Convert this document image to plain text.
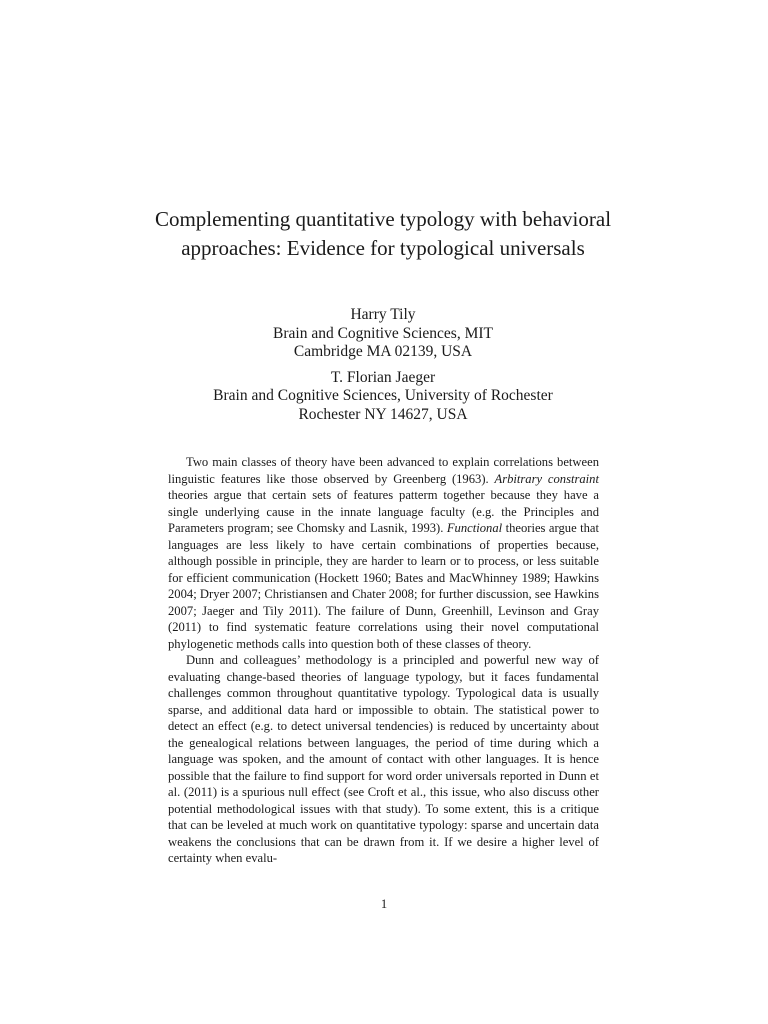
Complementing quantitative typology with behavioral approaches: Evidence for typological universals
Harry Tily
Brain and Cognitive Sciences, MIT
Cambridge MA 02139, USA
T. Florian Jaeger
Brain and Cognitive Sciences, University of Rochester
Rochester NY 14627, USA

Two main classes of theory have been advanced to explain correlations between linguistic features like those observed by Greenberg (1963). Arbitrary constraint theories argue that certain sets of features patterm together because they have a single underlying cause in the innate language faculty (e.g. the Principles and Parameters program; see Chomsky and Lasnik, 1993). Functional theories argue that languages are less likely to have certain combinations of properties because, although possible in principle, they are harder to learn or to process, or less suitable for efficient communication (Hockett 1960; Bates and MacWhinney 1989; Hawkins 2004; Dryer 2007; Christiansen and Chater 2008; for further discussion, see Hawkins 2007; Jaeger and Tily 2011). The failure of Dunn, Greenhill, Levinson and Gray (2011) to find systematic feature correlations using their novel computational phylogenetic methods calls into question both of these classes of theory.

Dunn and colleagues’ methodology is a principled and powerful new way of evaluating change-based theories of language typology, but it faces fundamental challenges common throughout quantitative typology. Typological data is usually sparse, and additional data hard or impossible to obtain. The statistical power to detect an effect (e.g. to detect universal tendencies) is reduced by uncertainty about the genealogical relations between languages, the period of time during which a language was spoken, and the amount of contact with other languages. It is hence possible that the failure to find support for word order universals reported in Dunn et al. (2011) is a spurious null effect (see Croft et al., this issue, who also discuss other potential methodological issues with that study). To some extent, this is a critique that can be leveled at much work on quantitative typology: sparse and uncertain data weakens the conclusions that can be drawn from it. If we desire a higher level of certainty when evalu-

1
